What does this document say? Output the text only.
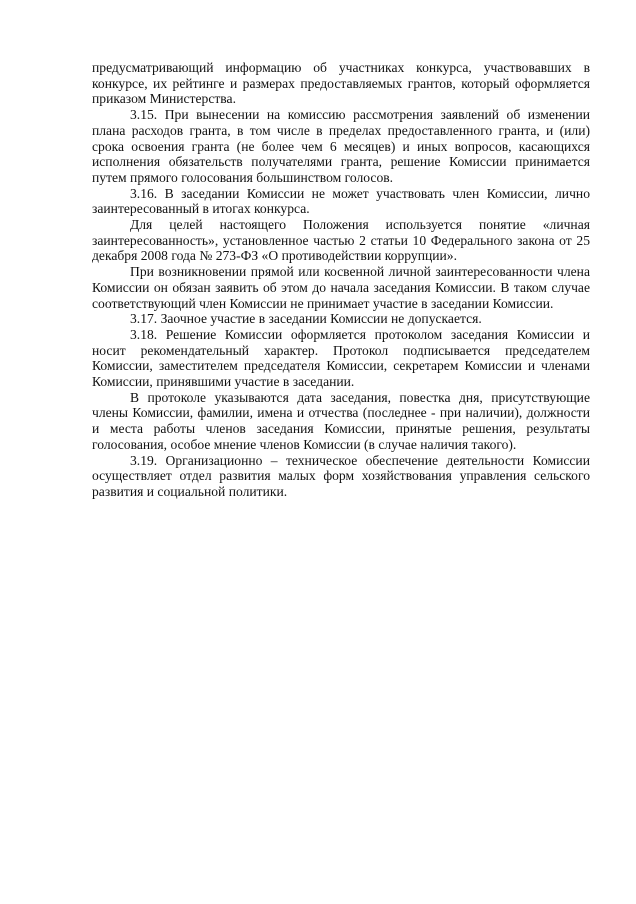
предусматривающий информацию об участниках конкурса, участвовавших в конкурсе, их рейтинге и размерах предоставляемых грантов, который оформляется приказом Министерства.

3.15. При вынесении на комиссию рассмотрения заявлений об изменении плана расходов гранта, в том числе в пределах предоставленного гранта, и (или) срока освоения гранта (не более чем 6 месяцев) и иных вопросов, касающихся исполнения обязательств получателями гранта, решение Комиссии принимается путем прямого голосования большинством голосов.

3.16. В заседании Комиссии не может участвовать член Комиссии, лично заинтересованный в итогах конкурса.

Для целей настоящего Положения используется понятие «личная заинтересованность», установленное частью 2 статьи 10 Федерального закона от 25 декабря 2008 года № 273-ФЗ «О противодействии коррупции».

При возникновении прямой или косвенной личной заинтересованности члена Комиссии он обязан заявить об этом до начала заседания Комиссии. В таком случае соответствующий член Комиссии не принимает участие в заседании Комиссии.

3.17. Заочное участие в заседании Комиссии не допускается.

3.18. Решение Комиссии оформляется протоколом заседания Комиссии и носит рекомендательный характер. Протокол подписывается председателем Комиссии, заместителем председателя Комиссии, секретарем Комиссии и членами Комиссии, принявшими участие в заседании.

В протоколе указываются дата заседания, повестка дня, присутствующие члены Комиссии, фамилии, имена и отчества (последнее - при наличии), должности и места работы членов заседания Комиссии, принятые решения, результаты голосования, особое мнение членов Комиссии (в случае наличия такого).

3.19. Организационно – техническое обеспечение деятельности Комиссии осуществляет отдел развития малых форм хозяйствования управления сельского развития и социальной политики.
